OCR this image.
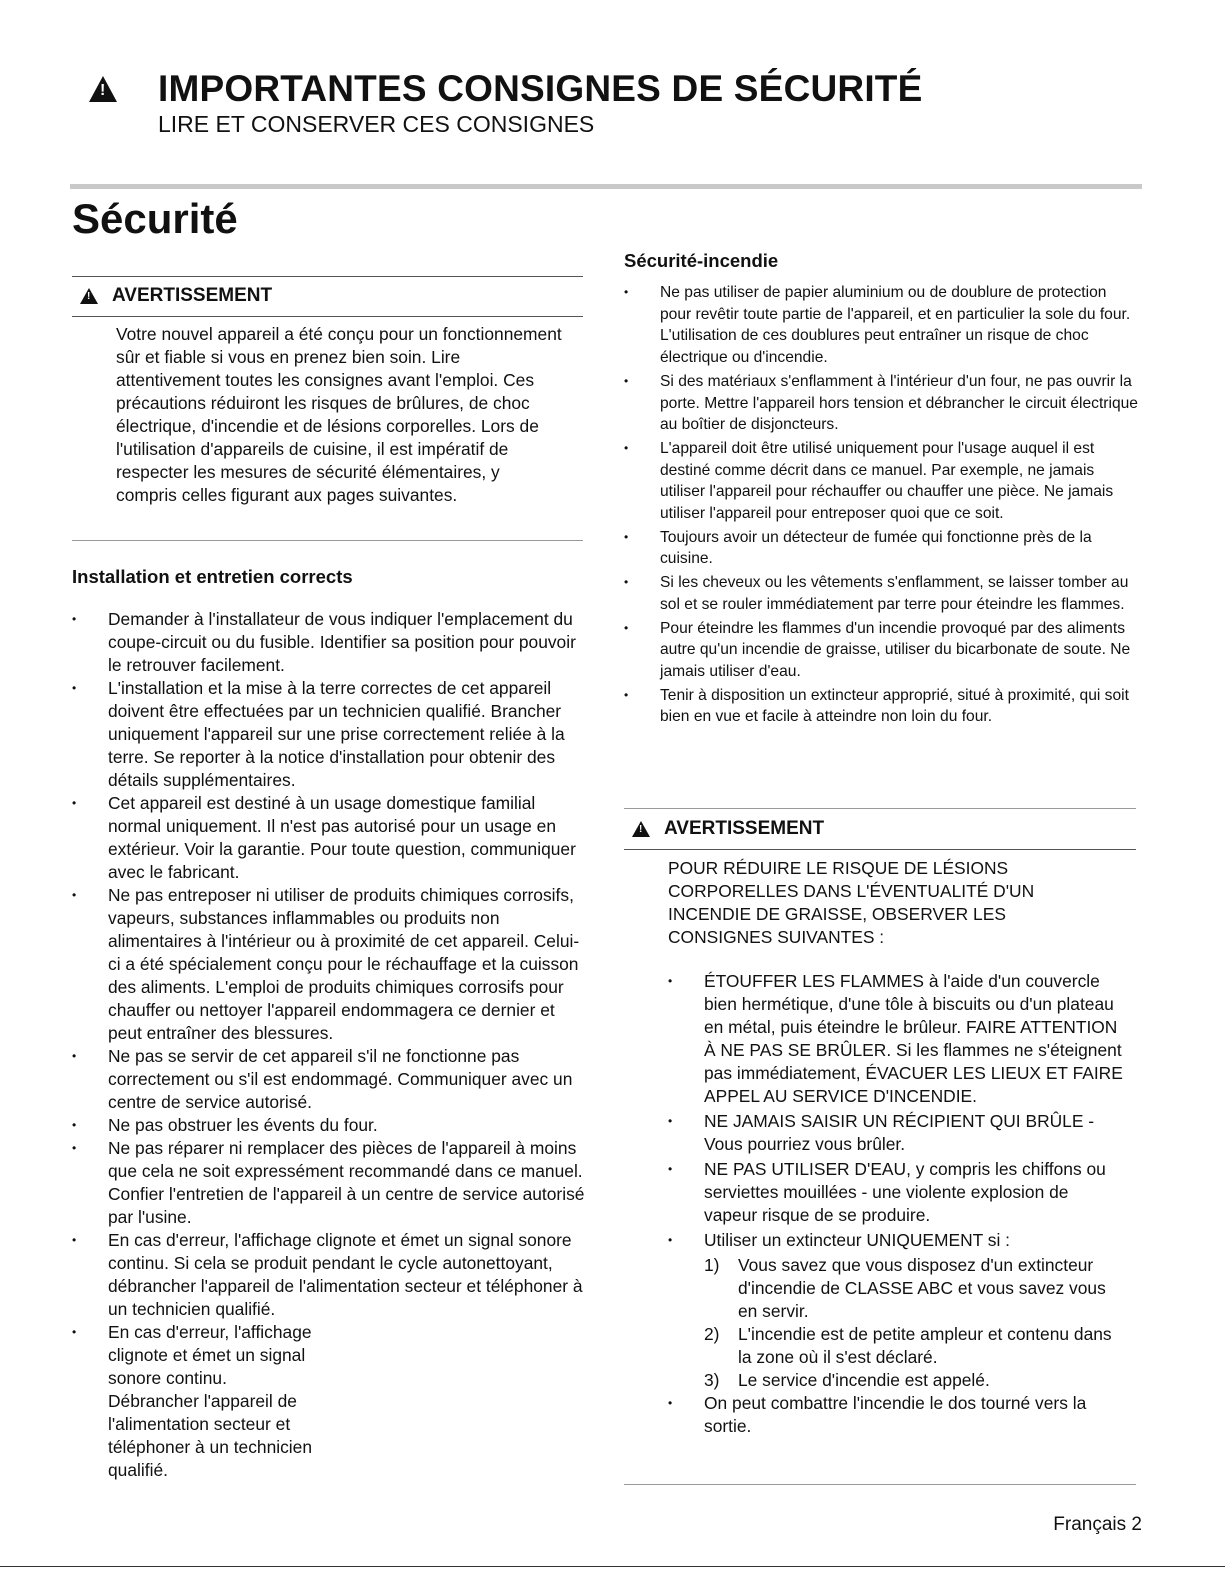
!
IMPORTANTES CONSIGNES DE SÉCURITÉ
LIRE ET CONSERVER CES CONSIGNES
Sécurité
!
AVERTISSEMENT
Votre nouvel appareil a été conçu pour un fonctionnement sûr et fiable si vous en prenez bien soin. Lire attentivement toutes les consignes avant l'emploi. Ces précautions réduiront les risques de brûlures, de choc électrique, d'incendie et de lésions corporelles. Lors de l'utilisation d'appareils de cuisine, il est impératif de respecter les mesures de sécurité élémentaires, y compris celles figurant aux pages suivantes.
Installation et entretien corrects
• Demander à l'installateur de vous indiquer l'emplacement du coupe-circuit ou du fusible. Identifier sa position pour pouvoir le retrouver facilement.
• L'installation et la mise à la terre correctes de cet appareil doivent être effectuées par un technicien qualifié. Brancher uniquement l'appareil sur une prise correctement reliée à la terre. Se reporter à la notice d'installation pour obtenir des détails supplémentaires.
• Cet appareil est destiné à un usage domestique familial normal uniquement. Il n'est pas autorisé pour un usage en extérieur. Voir la garantie. Pour toute question, communiquer avec le fabricant.
• Ne pas entreposer ni utiliser de produits chimiques corrosifs, vapeurs, substances inflammables ou produits non alimentaires à l'intérieur ou à proximité de cet appareil. Celui-ci a été spécialement conçu pour le réchauffage et la cuisson des aliments. L'emploi de produits chimiques corrosifs pour chauffer ou nettoyer l'appareil endommagera ce dernier et peut entraîner des blessures.
• Ne pas se servir de cet appareil s'il ne fonctionne pas correctement ou s'il est endommagé. Communiquer avec un centre de service autorisé.
• Ne pas obstruer les évents du four.
• Ne pas réparer ni remplacer des pièces de l'appareil à moins que cela ne soit expressément recommandé dans ce manuel. Confier l'entretien de l'appareil à un centre de service autorisé par l'usine.
• En cas d'erreur, l'affichage clignote et émet un signal sonore continu. Si cela se produit pendant le cycle autonettoyant, débrancher l'appareil de l'alimentation secteur et téléphoner à un technicien qualifié.
• En cas d'erreur, l'affichage clignote et émet un signal sonore continu. Débrancher l'appareil de l'alimentation secteur et téléphoner à un technicien qualifié.
Sécurité-incendie
• Ne pas utiliser de papier aluminium ou de doublure de protection pour revêtir toute partie de l'appareil, et en particulier la sole du four. L'utilisation de ces doublures peut entraîner un risque de choc électrique ou d'incendie.
• Si des matériaux s'enflamment à l'intérieur d'un four, ne pas ouvrir la porte. Mettre l'appareil hors tension et débrancher le circuit électrique au boîtier de disjoncteurs.
• L'appareil doit être utilisé uniquement pour l'usage auquel il est destiné comme décrit dans ce manuel. Par exemple, ne jamais utiliser l'appareil pour réchauffer ou chauffer une pièce. Ne jamais utiliser l'appareil pour entreposer quoi que ce soit.
• Toujours avoir un détecteur de fumée qui fonctionne près de la cuisine.
• Si les cheveux ou les vêtements s'enflamment, se laisser tomber au sol et se rouler immédiatement par terre pour éteindre les flammes.
• Pour éteindre les flammes d'un incendie provoqué par des aliments autre qu'un incendie de graisse, utiliser du bicarbonate de soute. Ne jamais utiliser d'eau.
• Tenir à disposition un extincteur approprié, situé à proximité, qui soit bien en vue et facile à atteindre non loin du four.
!
AVERTISSEMENT
POUR RÉDUIRE LE RISQUE DE LÉSIONS CORPORELLES DANS L'ÉVENTUALITÉ D'UN INCENDIE DE GRAISSE, OBSERVER LES CONSIGNES SUIVANTES :
• ÉTOUFFER LES FLAMMES à l'aide d'un couvercle bien hermétique, d'une tôle à biscuits ou d'un plateau en métal, puis éteindre le brûleur. FAIRE ATTENTION À NE PAS SE BRÛLER. Si les flammes ne s'éteignent pas immédiatement, ÉVACUER LES LIEUX ET FAIRE APPEL AU SERVICE D'INCENDIE.
• NE JAMAIS SAISIR UN RÉCIPIENT QUI BRÛLE - Vous pourriez vous brûler.
• NE PAS UTILISER D'EAU, y compris les chiffons ou serviettes mouillées - une violente explosion de vapeur risque de se produire.
• Utiliser un extincteur UNIQUEMENT si :
1) Vous savez que vous disposez d'un extincteur d'incendie de CLASSE ABC et vous savez vous en servir.
2) L'incendie est de petite ampleur et contenu dans la zone où il s'est déclaré.
3) Le service d'incendie est appelé.
• On peut combattre l'incendie le dos tourné vers la sortie.
Français 2
